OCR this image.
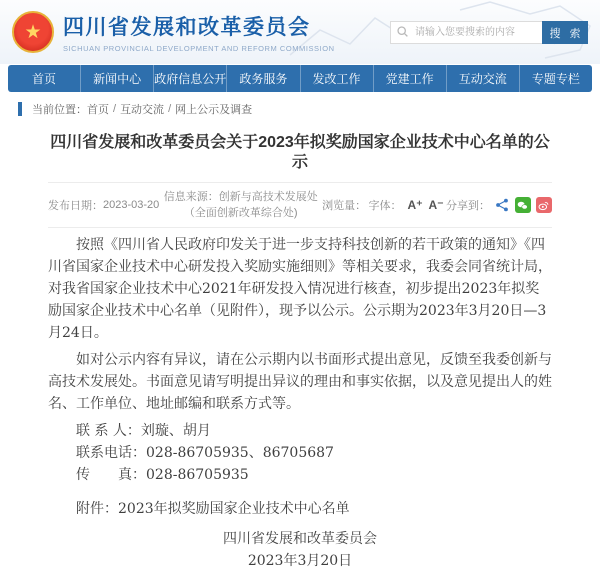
★ 四川省发展和改革委员会
SICHUAN PROVINCIAL DEVELOPMENT AND REFORM COMMISSION
请输入您要搜索的内容
搜 索
首页	新闻中心	政府信息公开	政务服务	发改工作	党建工作	互动交流	专题专栏
当前位置： 首页 / 互动交流 / 网上公示及调查
四川省发展和改革委员会关于2023年拟奖励国家企业技术中心名单的公示
发布日期： 2023-03-20
信息来源：创新与高技术发展处（全面创新改革综合处)
浏览量： 字体： A⁺ A⁻ 分享到：

按照《四川省人民政府印发关于进一步支持科技创新的若干政策的通知》《四川省国家企业技术中心研发投入奖励实施细则》等相关要求，我委会同省统计局，对我省国家企业技术中心2021年研发投入情况进行核查，初步提出2023年拟奖励国家企业技术中心名单（见附件），现予以公示。公示期为2023年3月20日—3月24日。

如对公示内容有异议，请在公示期内以书面形式提出意见，反馈至我委创新与高技术发展处。书面意见请写明提出异议的理由和事实依据，以及意见提出人的姓名、工作单位、地址邮编和联系方式等。

联 系 人：刘璇、胡月

联系电话：028-86705935、86705687

传　　真：028-86705935

附件：2023年拟奖励国家企业技术中心名单

四川省发展和改革委员会
2023年3月20日
